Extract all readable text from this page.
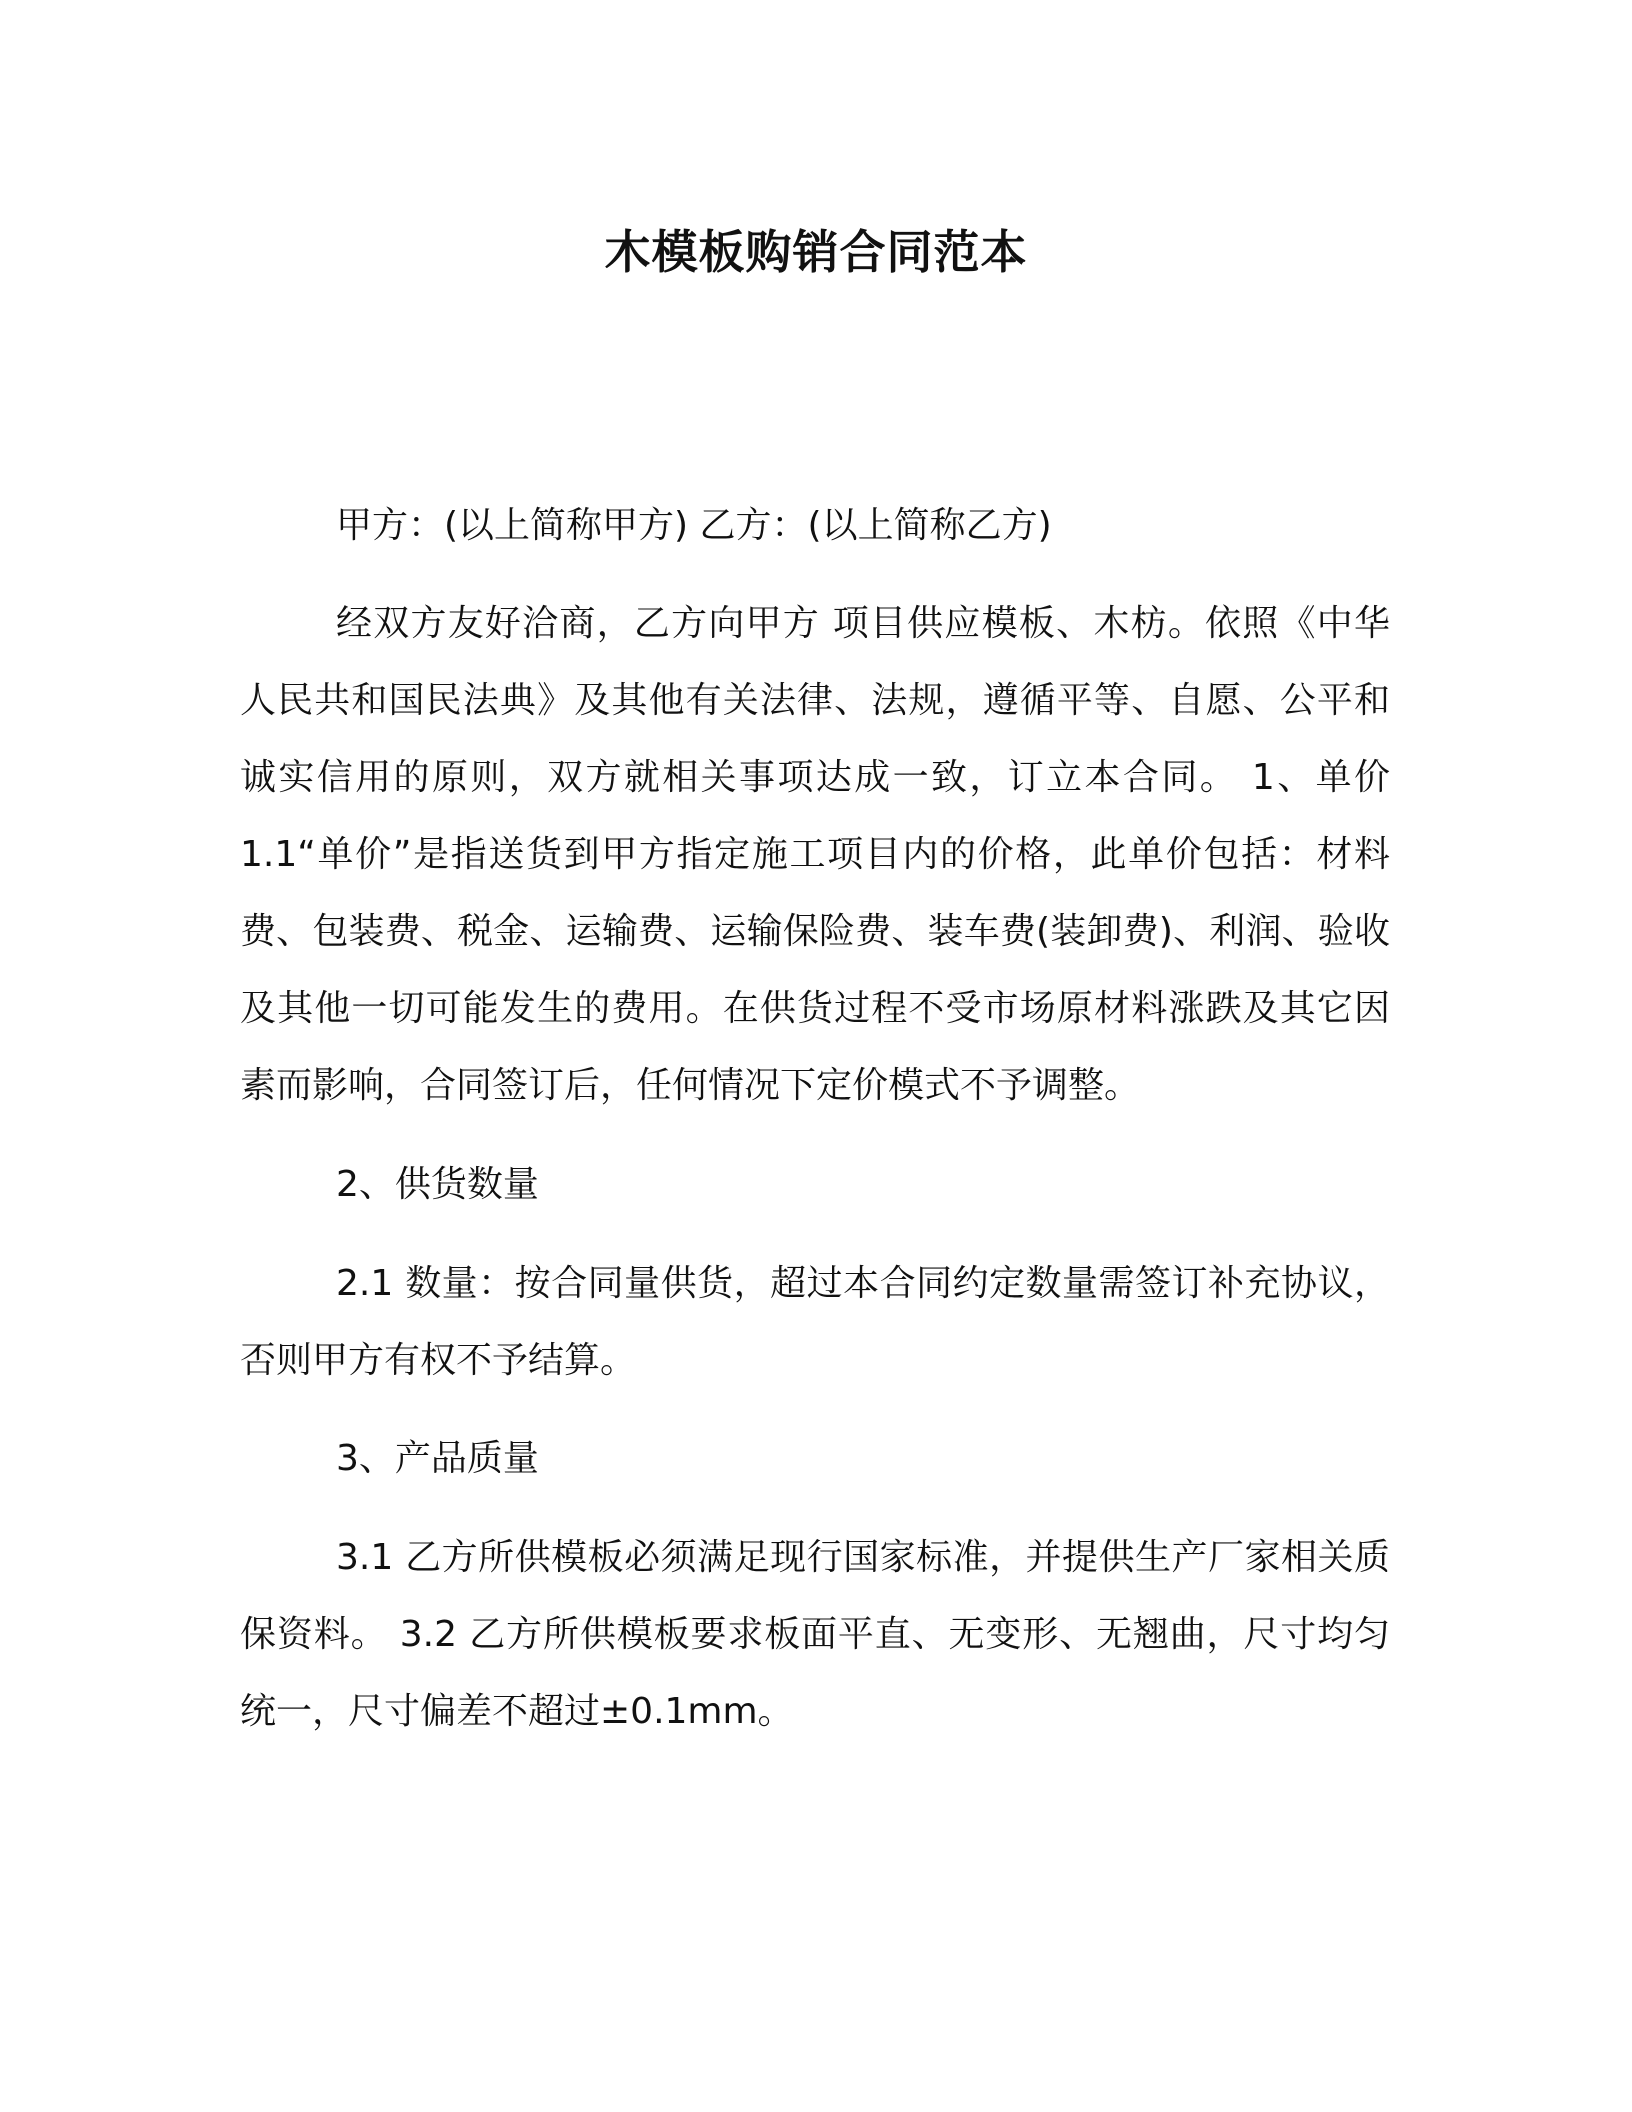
木模板购销合同范本

甲方：(以上简称甲方) 乙方：(以上简称乙方)

经双方友好洽商，乙方向甲方 项目供应模板、木枋。依照《中华人民共和国民法典》及其他有关法律、法规，遵循平等、自愿、公平和诚实信用的原则，双方就相关事项达成一致，订立本合同。 1、单价 1.1“单价”是指送货到甲方指定施工项目内的价格，此单价包括：材料费、包装费、税金、运输费、运输保险费、装车费(装卸费)、利润、验收及其他一切可能发生的费用。在供货过程不受市场原材料涨跌及其它因素而影响，合同签订后，任何情况下定价模式不予调整。

2、供货数量

2.1 数量：按合同量供货，超过本合同约定数量需签订补充协议，否则甲方有权不予结算。

3、产品质量

3.1 乙方所供模板必须满足现行国家标准，并提供生产厂家相关质保资料。 3.2 乙方所供模板要求板面平直、无变形、无翘曲，尺寸均匀统一，尺寸偏差不超过±0.1mm。
